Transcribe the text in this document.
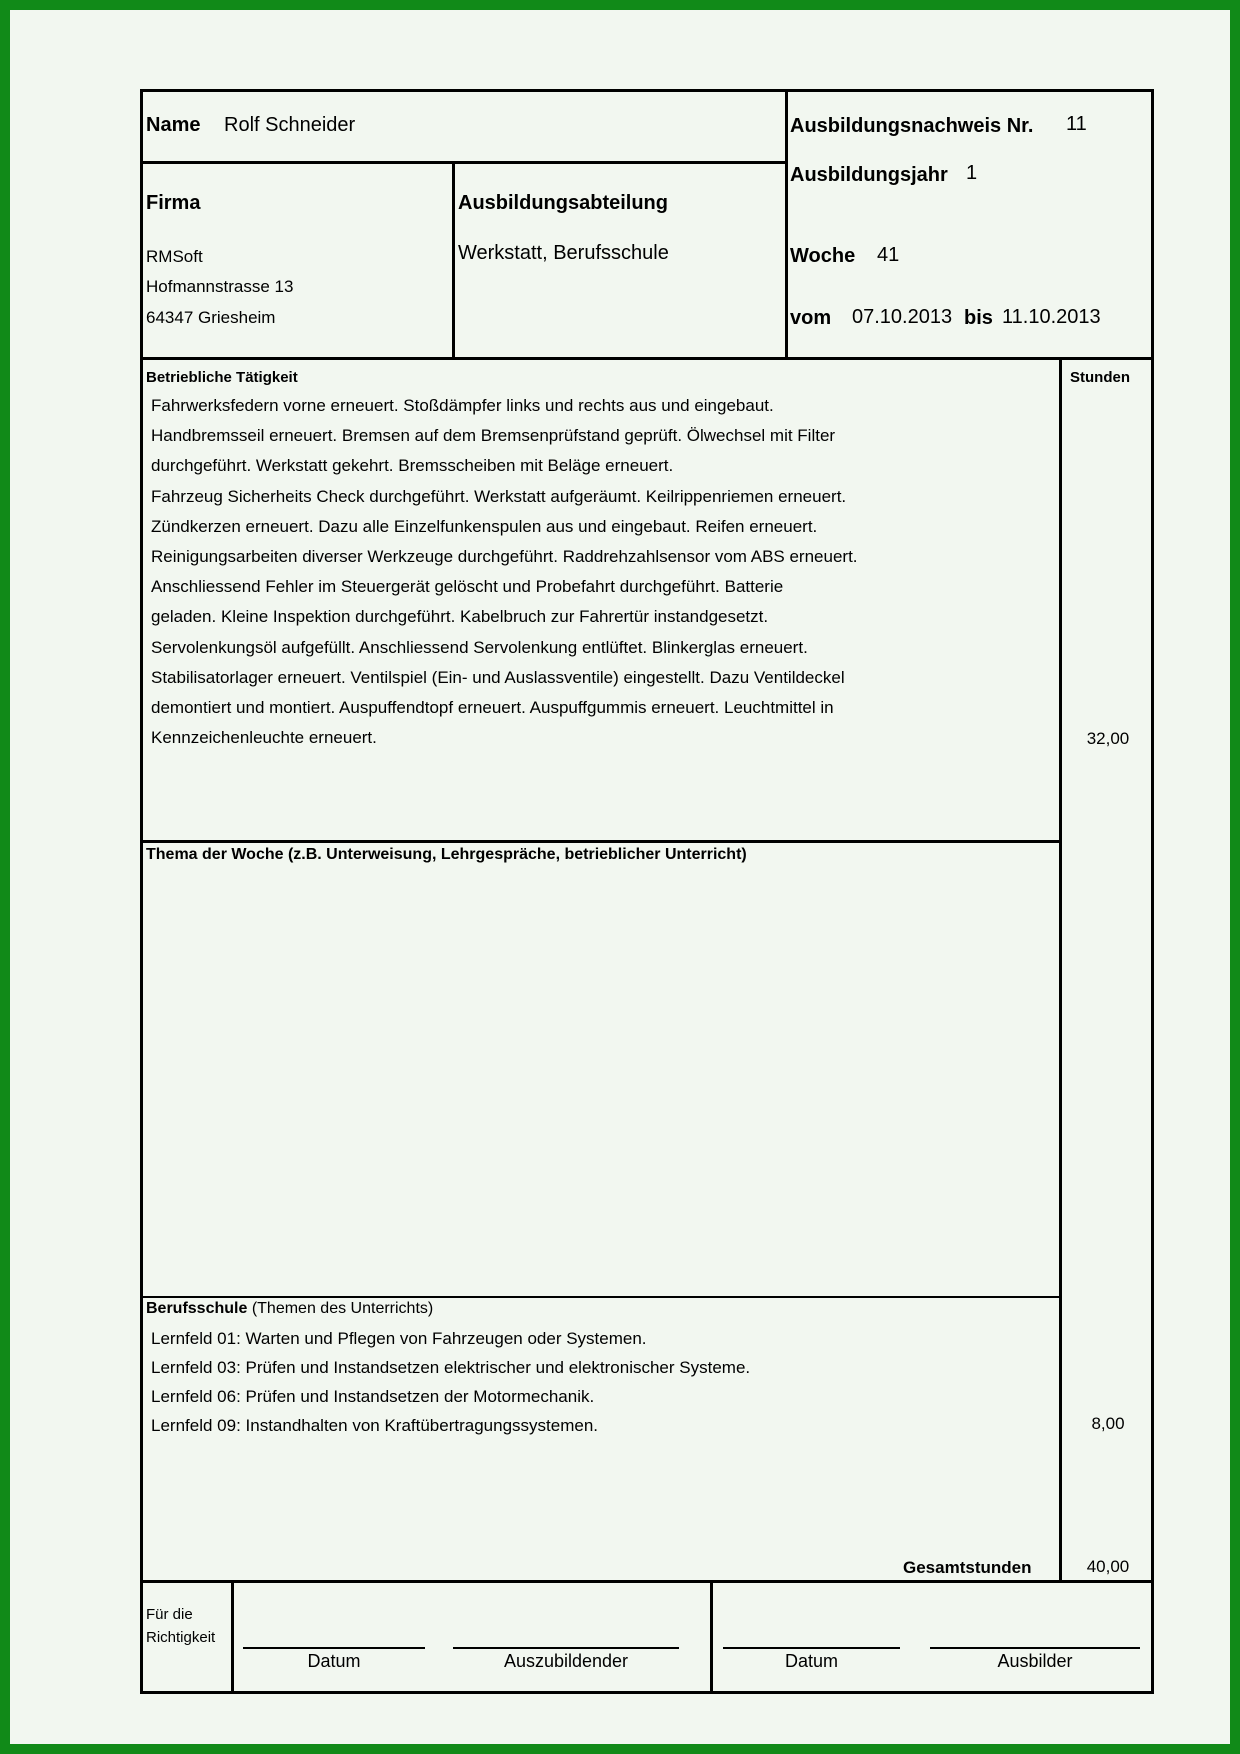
Name Rolf Schneider	Ausbildungsnachweis Nr. 11
Ausbildungsjahr 1
Woche 41
vom 07.10.2013 bis 11.10.2013
Firma
RMSoft
Hofmannstrasse 13
64347 Griesheim
Ausbildungsabteilung
Werkstatt, Berufsschule
Betriebliche Tätigkeit	Stunden
Fahrwerksfedern vorne erneuert. Stoßdämpfer links und rechts aus und eingebaut.
Handbremsseil erneuert. Bremsen auf dem Bremsenprüfstand geprüft. Ölwechsel mit Filter
durchgeführt. Werkstatt gekehrt. Bremsscheiben mit Beläge erneuert.
Fahrzeug Sicherheits Check durchgeführt. Werkstatt aufgeräumt. Keilrippenriemen erneuert.
Zündkerzen erneuert. Dazu alle Einzelfunkenspulen aus und eingebaut. Reifen erneuert.
Reinigungsarbeiten diverser Werkzeuge durchgeführt. Raddrehzahlsensor vom ABS erneuert.
Anschliessend Fehler im Steuergerät gelöscht und Probefahrt durchgeführt. Batterie
geladen. Kleine Inspektion durchgeführt. Kabelbruch zur Fahrertür instandgesetzt.
Servolenkungsöl aufgefüllt. Anschliessend Servolenkung entlüftet. Blinkerglas erneuert.
Stabilisatorlager erneuert. Ventilspiel (Ein- und Auslassventile) eingestellt. Dazu Ventildeckel
demontiert und montiert. Auspuffendtopf erneuert. Auspuffgummis erneuert. Leuchtmittel in
Kennzeichenleuchte erneuert.	32,00
Thema der Woche (z.B. Unterweisung, Lehrgespräche, betrieblicher Unterricht)
Berufsschule (Themen des Unterrichts)
Lernfeld 01: Warten und Pflegen von Fahrzeugen oder Systemen.
Lernfeld 03: Prüfen und Instandsetzen elektrischer und elektronischer Systeme.
Lernfeld 06: Prüfen und Instandsetzen der Motormechanik.
Lernfeld 09: Instandhalten von Kraftübertragungssystemen.	8,00
Gesamtstunden	40,00
Für die
Richtigkeit
Datum	Auszubildender	Datum	Ausbilder
